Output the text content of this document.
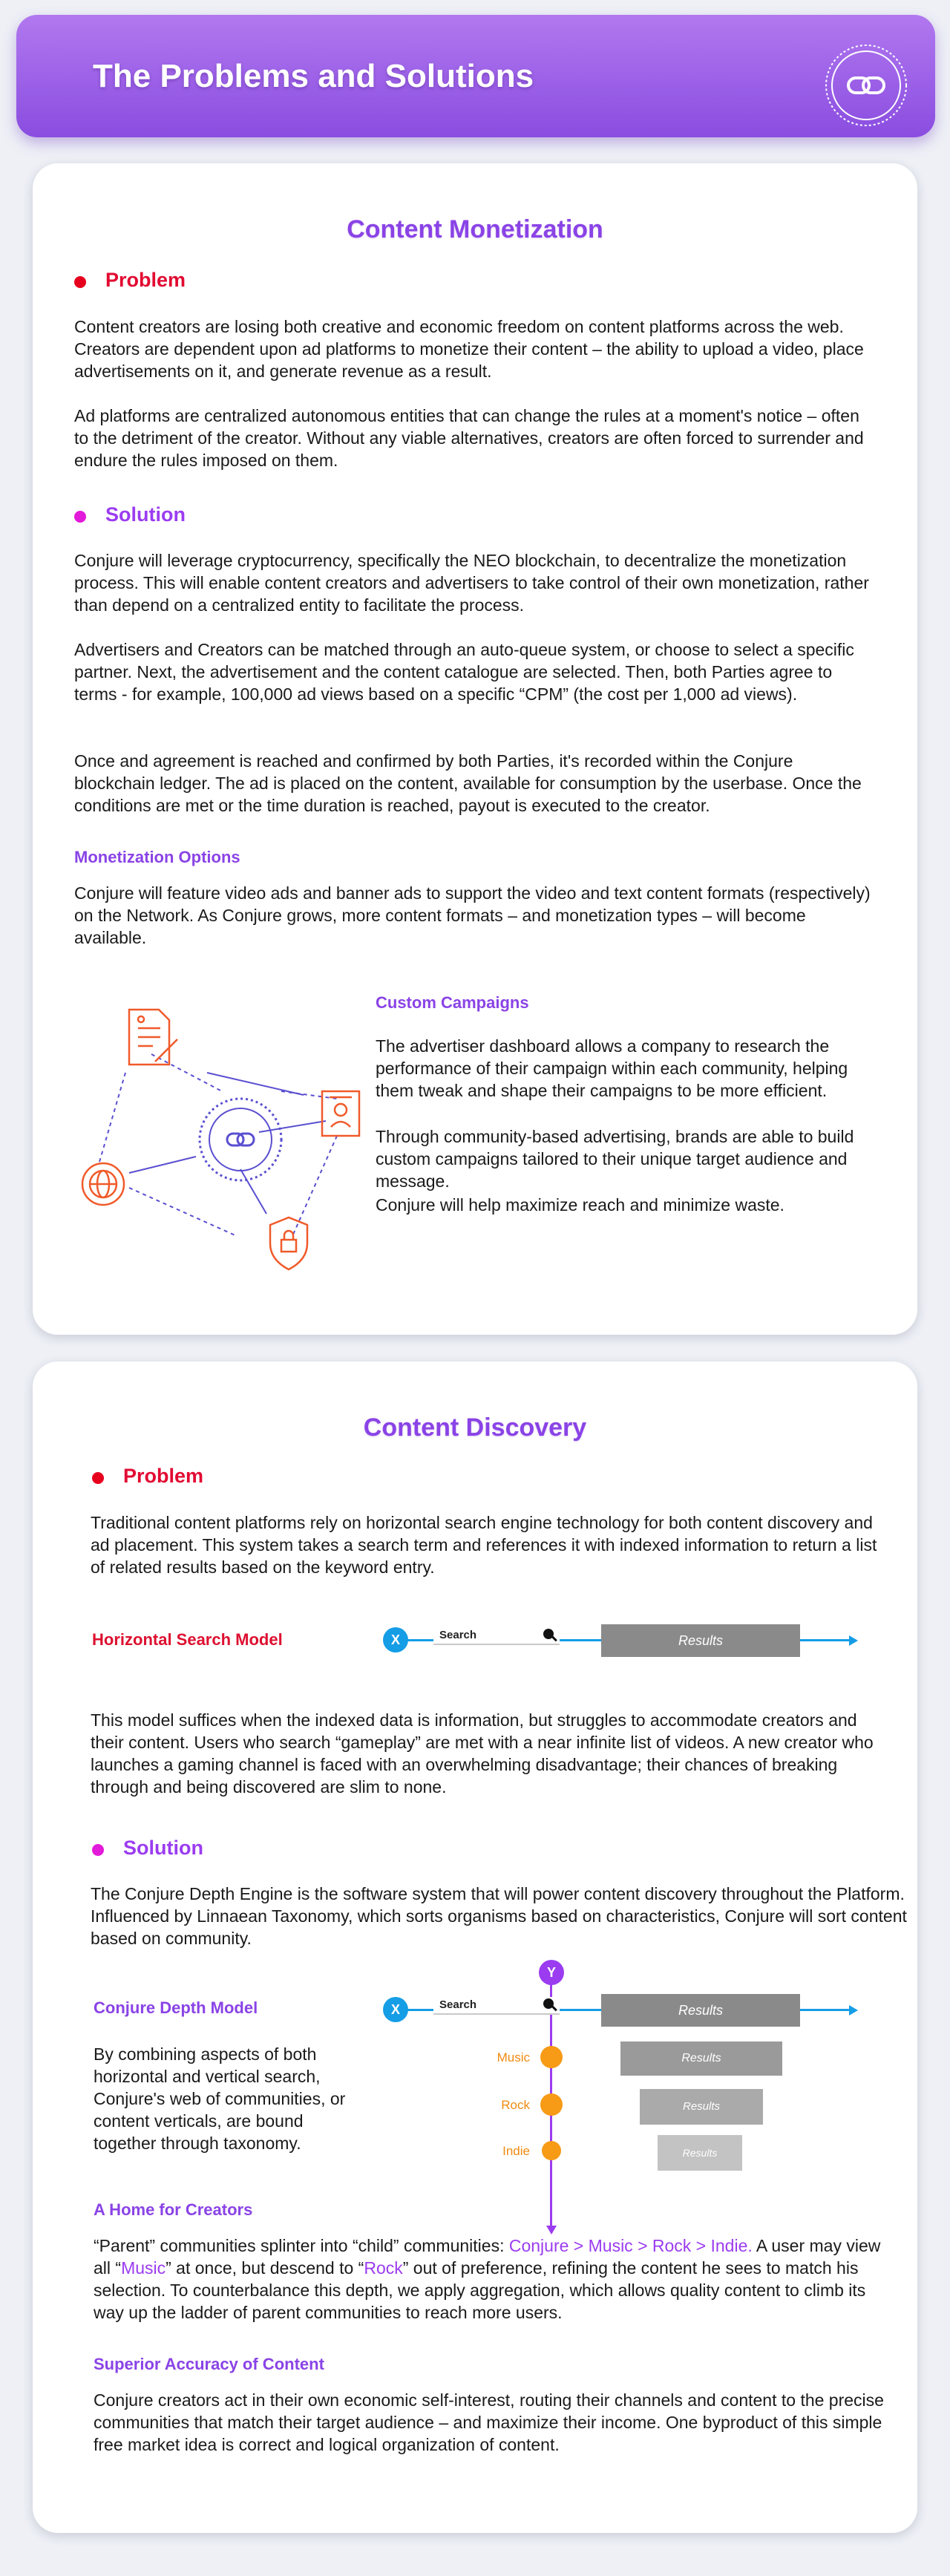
The Problems and Solutions
Content Monetization
Problem
Content creators are losing both creative and economic freedom on content platforms across the web. Creators are dependent upon ad platforms to monetize their content – the ability to upload a video, place advertisements on it, and generate revenue as a result.
Ad platforms are centralized autonomous entities that can change the rules at a moment's notice – often to the detriment of the creator. Without any viable alternatives, creators are often forced to surrender and endure the rules imposed on them.
Solution
Conjure will leverage cryptocurrency, specifically the NEO blockchain, to decentralize the monetization process. This will enable content creators and advertisers to take control of their own monetization, rather than depend on a centralized entity to facilitate the process.
Advertisers and Creators can be matched through an auto-queue system, or choose to select a specific partner. Next, the advertisement and the content catalogue are selected. Then, both Parties agree to terms - for example, 100,000 ad views based on a specific “CPM” (the cost per 1,000 ad views).
Once and agreement is reached and confirmed by both Parties, it's recorded within the Conjure blockchain ledger. The ad is placed on the content, available for consumption by the userbase. Once the conditions are met or the time duration is reached, payout is executed to the creator.
Monetization Options
Conjure will feature video ads and banner ads to support the video and text content formats (respectively) on the Network. As Conjure grows, more content formats – and monetization types – will become available.
Custom Campaigns
The advertiser dashboard allows a company to research the performance of their campaign within each community, helping them tweak and shape their campaigns to be more efficient.
Through community-based advertising, brands are able to build custom campaigns tailored to their unique target audience and message.
Conjure will help maximize reach and minimize waste.
Content Discovery
Problem
Traditional content platforms rely on horizontal search engine technology for both content discovery and ad placement. This system takes a search term and references it with indexed information to return a list of related results based on the keyword entry.
Horizontal Search Model	X	Search	Results
This model suffices when the indexed data is information, but struggles to accommodate creators and their content. Users who search “gameplay” are met with a near infinite list of videos. A new creator who launches a gaming channel is faced with an overwhelming disadvantage; their chances of breaking through and being discovered are slim to none.
Solution
The Conjure Depth Engine is the software system that will power content discovery throughout the Platform. Influenced by Linnaean Taxonomy, which sorts organisms based on characteristics, Conjure will sort content based on community.
Conjure Depth Model
By combining aspects of both horizontal and vertical search, Conjure's web of communities, or content verticals, are bound together through taxonomy.
Y
X	Search	Results
Music	Results
Rock	Results
Indie	Results
A Home for Creators
“Parent” communities splinter into “child” communities: Conjure > Music > Rock > Indie. A user may view all “Music” at once, but descend to “Rock” out of preference, refining the content he sees to match his selection. To counterbalance this depth, we apply aggregation, which allows quality content to climb its way up the ladder of parent communities to reach more users.
Superior Accuracy of Content
Conjure creators act in their own economic self-interest, routing their channels and content to the precise communities that match their target audience – and maximize their income. One byproduct of this simple free market idea is correct and logical organization of content.
